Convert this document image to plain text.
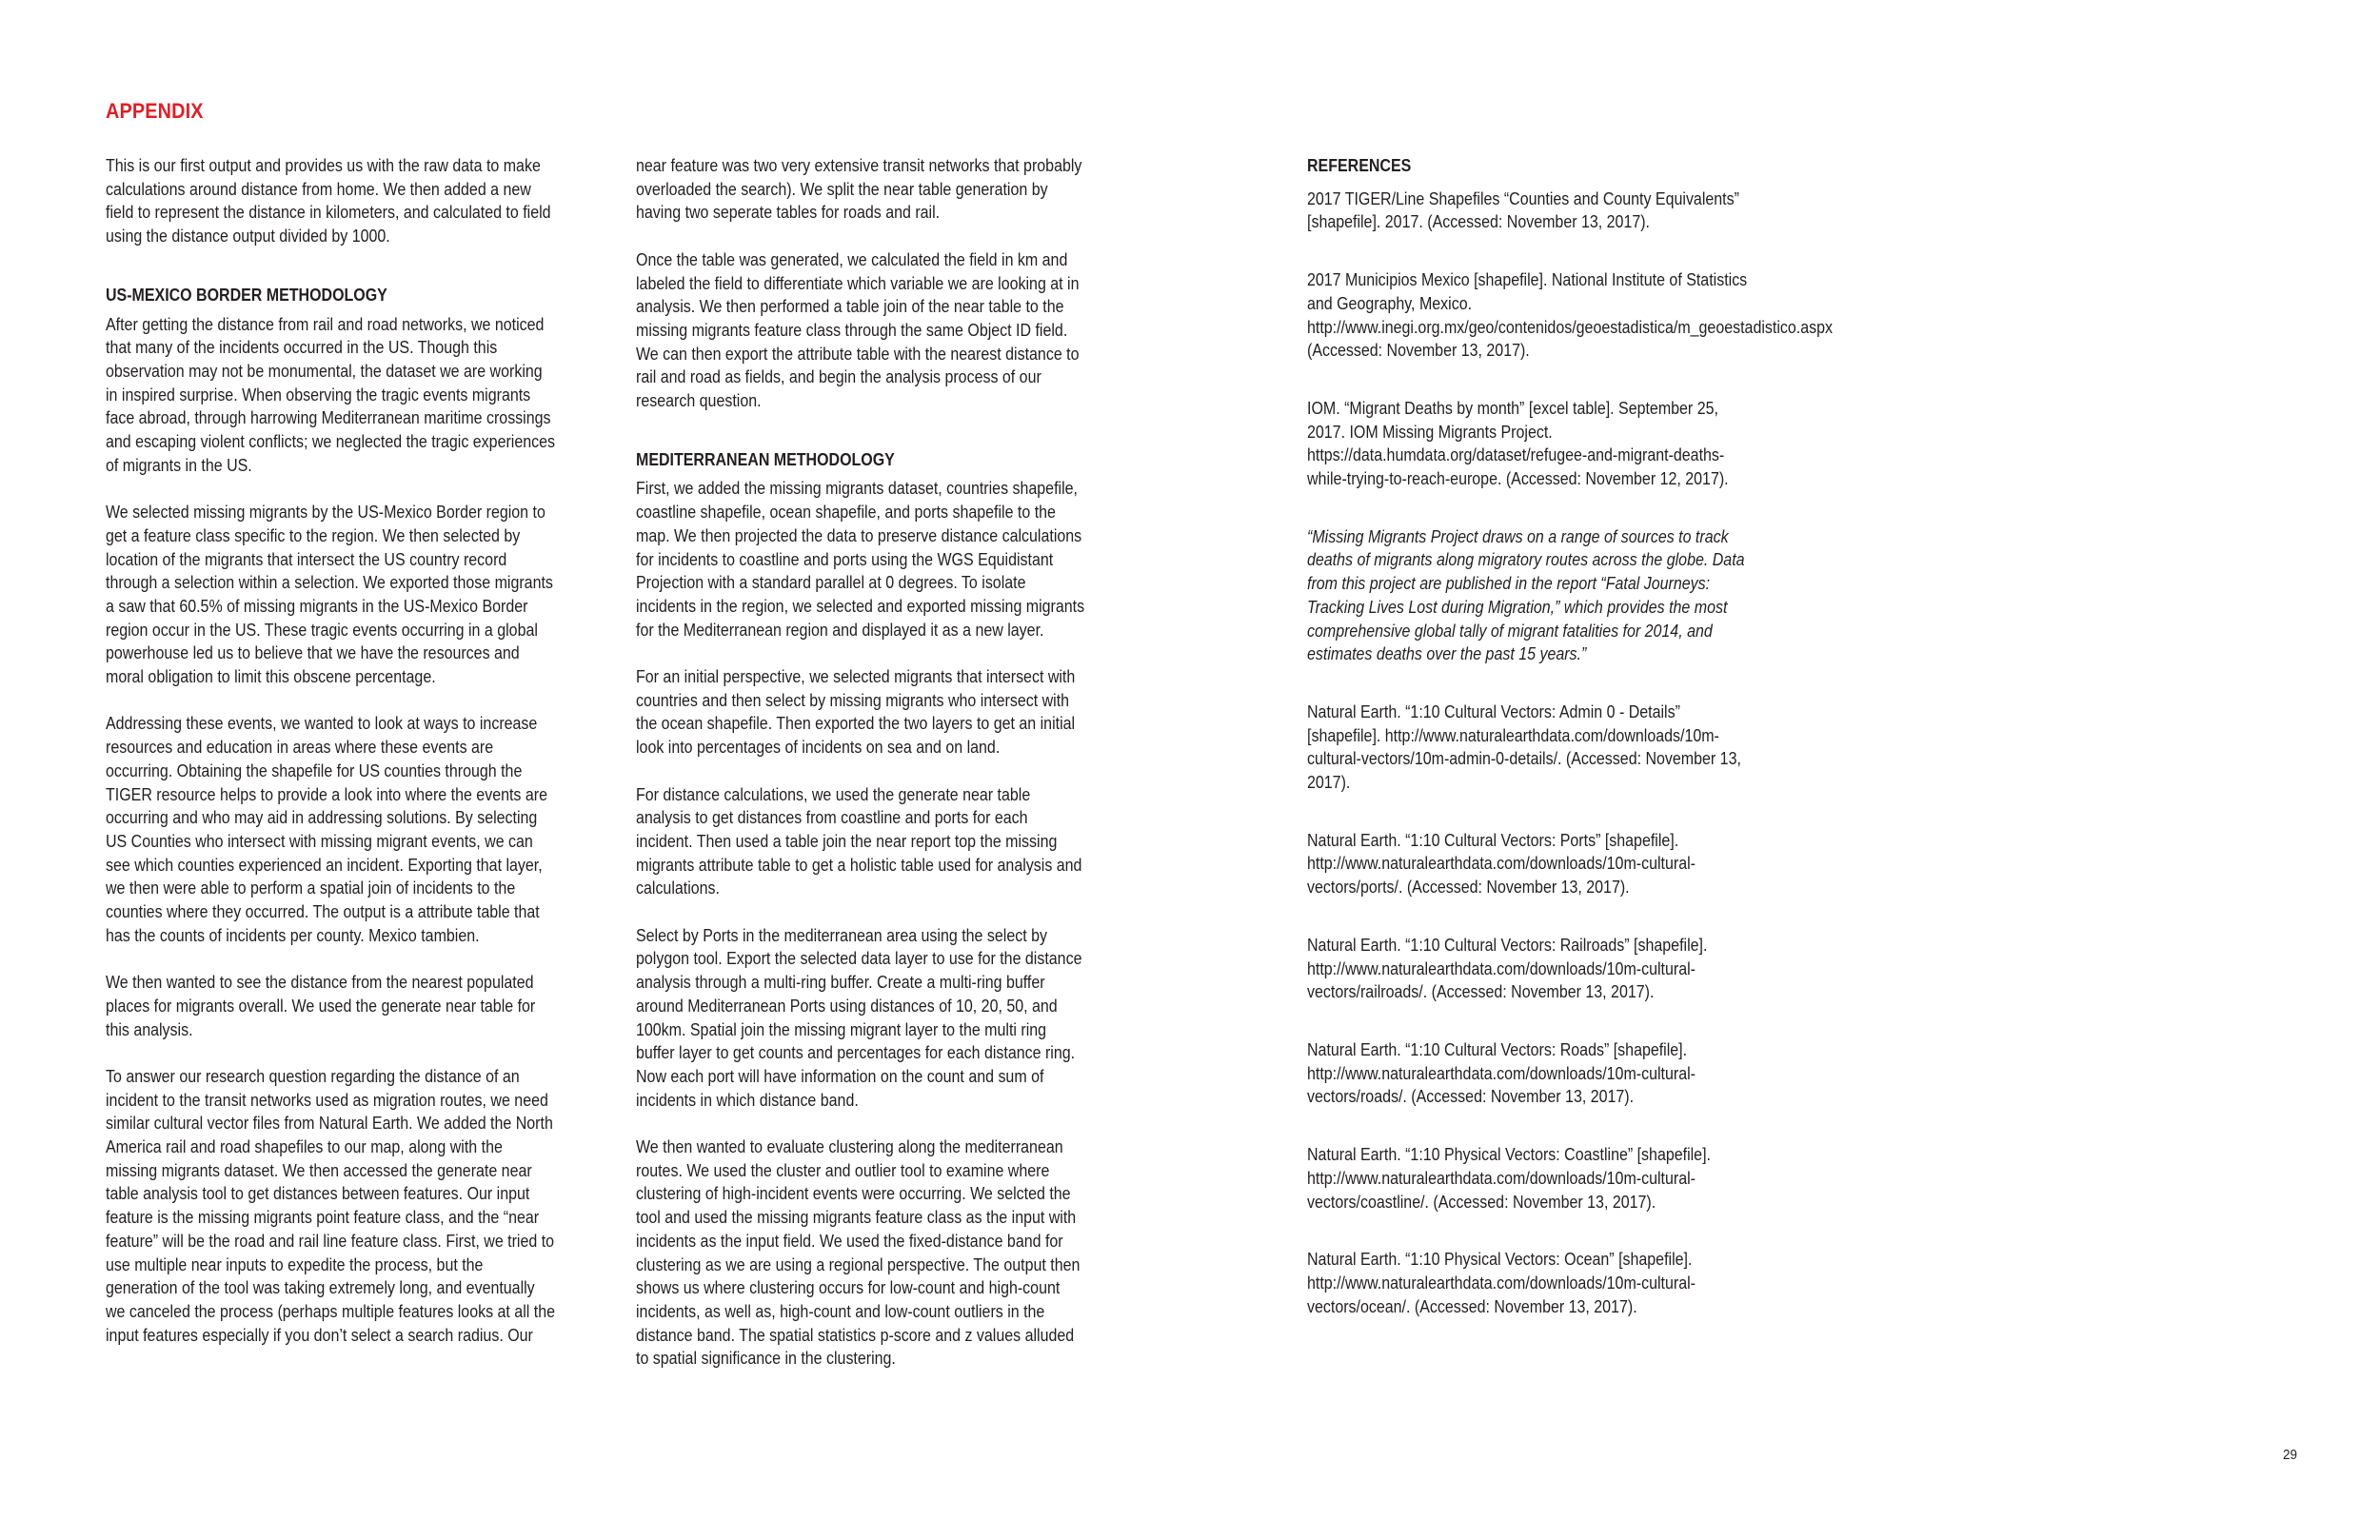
APPENDIX

This is our first output and provides us with the raw data to make calculations around distance from home. We then added a new field to represent the distance in kilometers, and calculated to field using the distance output divided by 1000.

US-MEXICO BORDER METHODOLOGY

After getting the distance from rail and road networks, we noticed that many of the incidents occurred in the US. Though this observation may not be monumental, the dataset we are working in inspired surprise. When observing the tragic events migrants face abroad, through harrowing Mediterranean maritime crossings and escaping violent conflicts; we neglected the tragic experiences of migrants in the US.

We selected missing migrants by the US-Mexico Border region to get a feature class specific to the region. We then selected by location of the migrants that intersect the US country record through a selection within a selection. We exported those migrants a saw that 60.5% of missing migrants in the US-Mexico Border region occur in the US. These tragic events occurring in a global powerhouse led us to believe that we have the resources and moral obligation to limit this obscene percentage.

Addressing these events, we wanted to look at ways to increase resources and education in areas where these events are occurring. Obtaining the shapefile for US counties through the TIGER resource helps to provide a look into where the events are occurring and who may aid in addressing solutions. By selecting US Counties who intersect with missing migrant events, we can see which counties experienced an incident. Exporting that layer, we then were able to perform a spatial join of incidents to the counties where they occurred. The output is a attribute table that has the counts of incidents per county. Mexico tambien.

We then wanted to see the distance from the nearest populated places for migrants overall. We used the generate near table for this analysis.

To answer our research question regarding the distance of an incident to the transit networks used as migration routes, we need similar cultural vector files from Natural Earth. We added the North America rail and road shapefiles to our map, along with the missing migrants dataset. We then accessed the generate near table analysis tool to get distances between features. Our input feature is the missing migrants point feature class, and the “near feature” will be the road and rail line feature class. First, we tried to use multiple near inputs to expedite the process, but the generation of the tool was taking extremely long, and eventually we canceled the process (perhaps multiple features looks at all the input features especially if you don’t select a search radius. Our

near feature was two very extensive transit networks that probably overloaded the search). We split the near table generation by having two seperate tables for roads and rail.

Once the table was generated, we calculated the field in km and labeled the field to differentiate which variable we are looking at in analysis. We then performed a table join of the near table to the missing migrants feature class through the same Object ID field. We can then export the attribute table with the nearest distance to rail and road as fields, and begin the analysis process of our research question.

MEDITERRANEAN METHODOLOGY

First, we added the missing migrants dataset, countries shapefile, coastline shapefile, ocean shapefile, and ports shapefile to the map. We then projected the data to preserve distance calculations for incidents to coastline and ports using the WGS Equidistant Projection with a standard parallel at 0 degrees. To isolate incidents in the region, we selected and exported missing migrants for the Mediterranean region and displayed it as a new layer.

For an initial perspective, we selected migrants that intersect with countries and then select by missing migrants who intersect with the ocean shapefile. Then exported the two layers to get an initial look into percentages of incidents on sea and on land.

For distance calculations, we used the generate near table analysis to get distances from coastline and ports for each incident. Then used a table join the near report top the missing migrants attribute table to get a holistic table used for analysis and calculations.

Select by Ports in the mediterranean area using the select by polygon tool. Export the selected data layer to use for the distance analysis through a multi-ring buffer. Create a multi-ring buffer around Mediterranean Ports using distances of 10, 20, 50, and 100km. Spatial join the missing migrant layer to the multi ring buffer layer to get counts and percentages for each distance ring. Now each port will have information on the count and sum of incidents in which distance band.

We then wanted to evaluate clustering along the mediterranean routes. We used the cluster and outlier tool to examine where clustering of high-incident events were occurring. We selcted the tool and used the missing migrants feature class as the input with incidents as the input field. We used the fixed-distance band for clustering as we are using a regional perspective. The output then shows us where clustering occurs for low-count and high-count incidents, as well as, high-count and low-count outliers in the distance band. The spatial statistics p-score and z values alluded to spatial significance in the clustering.

REFERENCES

2017 TIGER/Line Shapefiles “Counties and County Equivalents” [shapefile]. 2017. (Accessed: November 13, 2017).

2017 Municipios Mexico [shapefile]. National Institute of Statistics and Geography, Mexico. http://www.inegi.org.mx/geo/contenidos/geoestadistica/m_geoestadistico.aspx (Accessed: November 13, 2017).

IOM. “Migrant Deaths by month” [excel table]. September 25, 2017. IOM Missing Migrants Project. https://data.humdata.org/dataset/refugee-and-migrant-deaths-while-trying-to-reach-europe. (Accessed: November 12, 2017).

“Missing Migrants Project draws on a range of sources to track deaths of migrants along migratory routes across the globe. Data from this project are published in the report “Fatal Journeys: Tracking Lives Lost during Migration,” which provides the most comprehensive global tally of migrant fatalities for 2014, and estimates deaths over the past 15 years.”

Natural Earth. “1:10 Cultural Vectors: Admin 0 - Details” [shapefile]. http://www.naturalearthdata.com/downloads/10m-cultural-vectors/10m-admin-0-details/. (Accessed: November 13, 2017).

Natural Earth. “1:10 Cultural Vectors: Ports” [shapefile]. http://www.naturalearthdata.com/downloads/10m-cultural-vectors/ports/. (Accessed: November 13, 2017).

Natural Earth. “1:10 Cultural Vectors: Railroads” [shapefile]. http://www.naturalearthdata.com/downloads/10m-cultural-vectors/railroads/. (Accessed: November 13, 2017).

Natural Earth. “1:10 Cultural Vectors: Roads” [shapefile]. http://www.naturalearthdata.com/downloads/10m-cultural-vectors/roads/. (Accessed: November 13, 2017).

Natural Earth. “1:10 Physical Vectors: Coastline” [shapefile]. http://www.naturalearthdata.com/downloads/10m-cultural-vectors/coastline/. (Accessed: November 13, 2017).

Natural Earth. “1:10 Physical Vectors: Ocean” [shapefile]. http://www.naturalearthdata.com/downloads/10m-cultural-vectors/ocean/. (Accessed: November 13, 2017).

29
